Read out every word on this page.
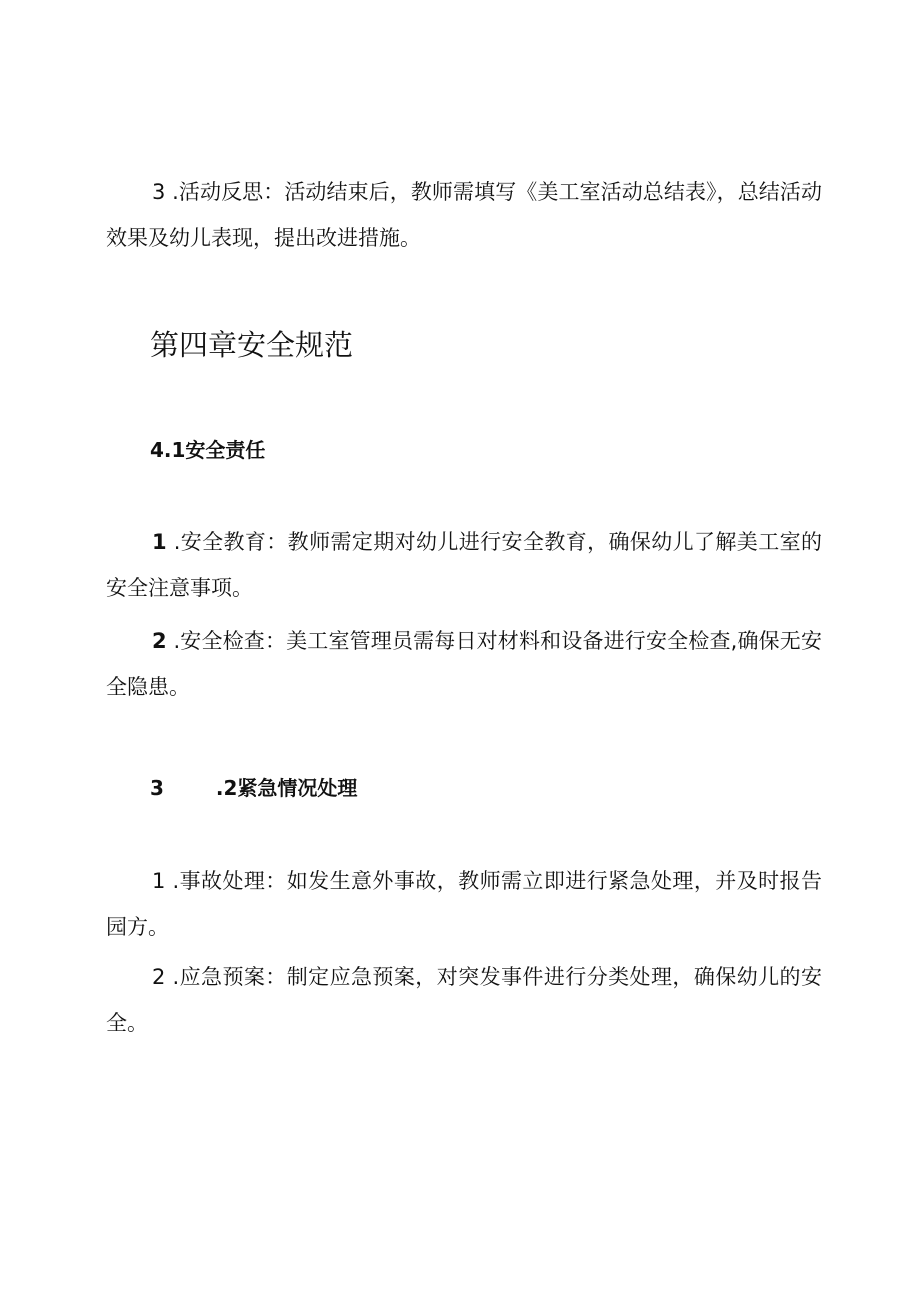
3 .活动反思：活动结束后，教师需填写《美工室活动总结表》，总结活动效果及幼儿表现，提出改进措施。

第四章安全规范
4.1安全责任

1 .安全教育：教师需定期对幼儿进行安全教育，确保幼儿了解美工室的安全注意事项。

2 .安全检查：美工室管理员需每日对材料和设备进行安全检查,确保无安全隐患。

3	.2紧急情况处理

1 .事故处理：如发生意外事故，教师需立即进行紧急处理，并及时报告园方。

2 .应急预案：制定应急预案，对突发事件进行分类处理，确保幼儿的安全。
